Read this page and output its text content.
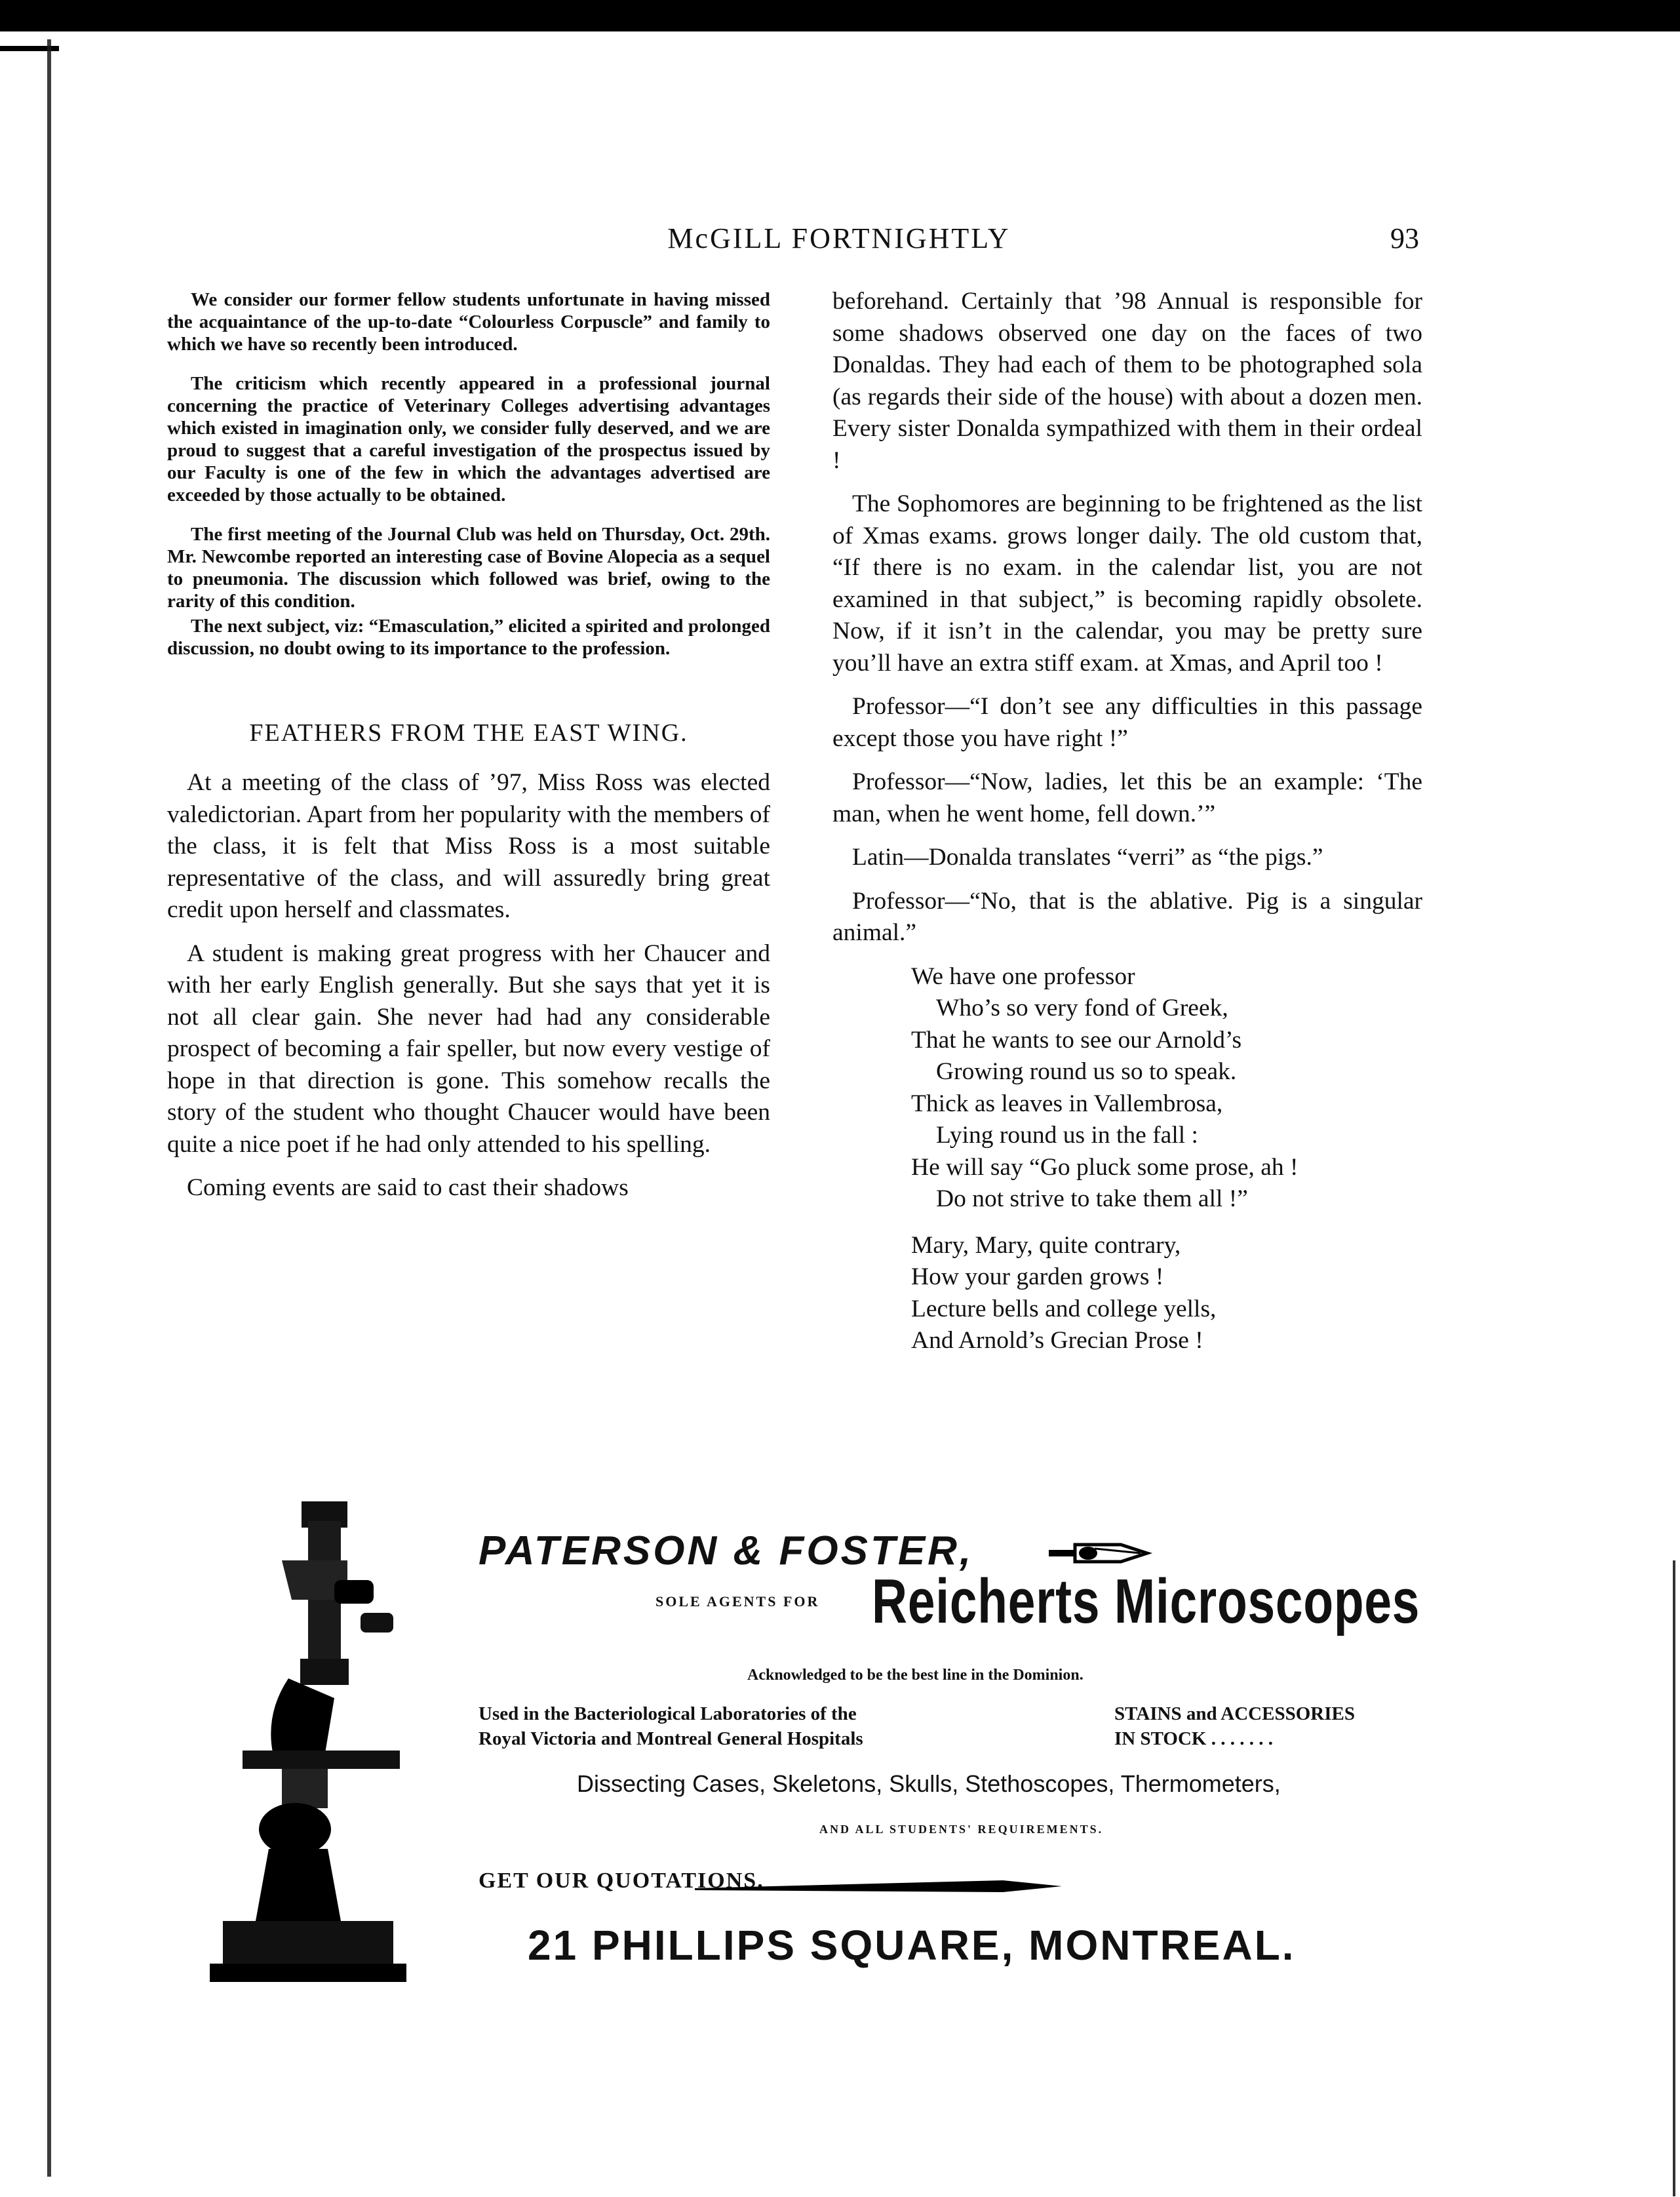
McGILL FORTNIGHTLY	93

We consider our former fellow students unfortunate in having missed the acquaintance of the up-to-date “Colourless Corpuscle” and family to which we have so recently been introduced.

The criticism which recently appeared in a professional journal concerning the practice of Veterinary Colleges advertising advantages which existed in imagination only, we consider fully deserved, and we are proud to suggest that a careful investigation of the prospectus issued by our Faculty is one of the few in which the advantages advertised are exceeded by those actually to be obtained.

The first meeting of the Journal Club was held on Thursday, Oct. 29th. Mr. Newcombe reported an interesting case of Bovine Alopecia as a sequel to pneumonia. The discussion which followed was brief, owing to the rarity of this condition.

The next subject, viz: “Emasculation,” elicited a spirited and prolonged discussion, no doubt owing to its importance to the profession.

FEATHERS FROM THE EAST WING.

At a meeting of the class of ’97, Miss Ross was elected valedictorian. Apart from her popularity with the members of the class, it is felt that Miss Ross is a most suitable representative of the class, and will assuredly bring great credit upon herself and classmates.

A student is making great progress with her Chaucer and with her early English generally. But she says that yet it is not all clear gain. She never had had any considerable prospect of becoming a fair speller, but now every vestige of hope in that direction is gone. This somehow recalls the story of the student who thought Chaucer would have been quite a nice poet if he had only attended to his spelling.

Coming events are said to cast their shadows

beforehand. Certainly that ’98 Annual is responsible for some shadows observed one day on the faces of two Donaldas. They had each of them to be photographed sola (as regards their side of the house) with about a dozen men. Every sister Donalda sympathized with them in their ordeal !

The Sophomores are beginning to be frightened as the list of Xmas exams. grows longer daily. The old custom that, “If there is no exam. in the calendar list, you are not examined in that subject,” is becoming rapidly obsolete. Now, if it isn’t in the calendar, you may be pretty sure you’ll have an extra stiff exam. at Xmas, and April too !

Professor—“I don’t see any difficulties in this passage except those you have right !”

Professor—“Now, ladies, let this be an example: ‘The man, when he went home, fell down.’”

Latin—Donalda translates “verri” as “the pigs.”

Professor—“No, that is the ablative. Pig is a singular animal.”

We have one professor
Who’s so very fond of Greek,
That he wants to see our Arnold’s
Growing round us so to speak.
Thick as leaves in Vallembrosa,
Lying round us in the fall :
He will say “Go pluck some prose, ah !
Do not strive to take them all !”
Mary, Mary, quite contrary,
How your garden grows !
Lecture bells and college yells,
And Arnold’s Grecian Prose !
PATERSON & FOSTER,
SOLE AGENTS FOR Reicherts Microscopes
Acknowledged to be the best line in the Dominion.
Used in the Bacteriological Laboratories of the
Royal Victoria and Montreal General Hospitals
STAINS and ACCESSORIES
IN STOCK . . . . . . .
Dissecting Cases, Skeletons, Skulls, Stethoscopes, Thermometers,
AND ALL STUDENTS' REQUIREMENTS.
GET OUR QUOTATIONS.
21 PHILLIPS SQUARE, MONTREAL.
